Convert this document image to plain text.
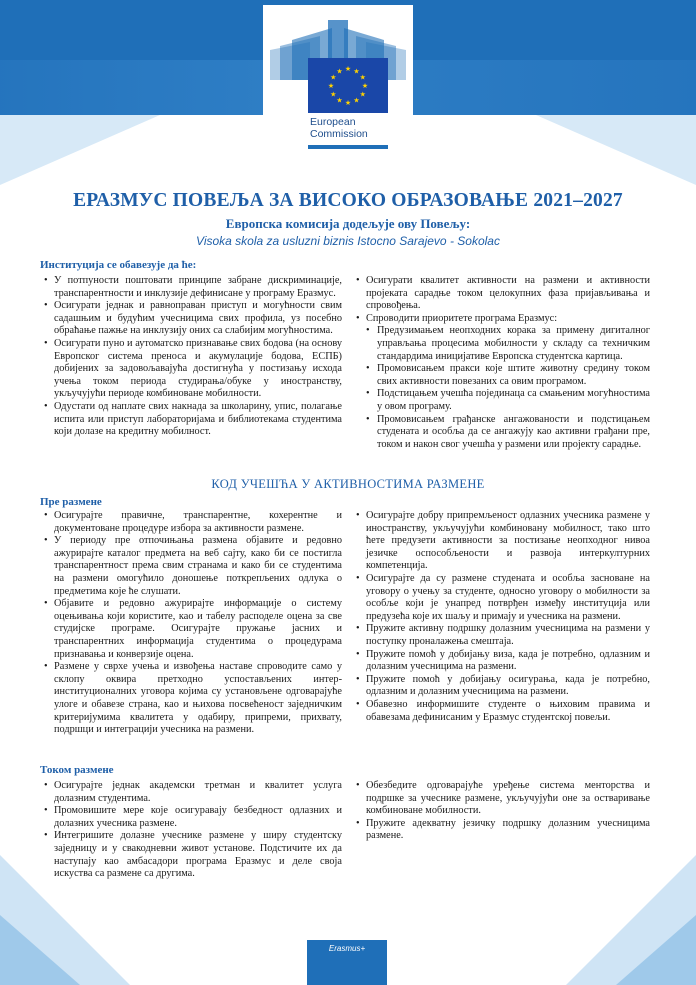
★ ★
★
★
★
★
★
★
★
★
★
★
European
Commission
ЕРАЗМУС ПОВЕЉА ЗА ВИСОКО ОБРАЗОВАЊЕ 2021–2027
Европска комисија додељује ову Повељу:
Visoka skola za usluzni biznis Istocno Sarajevo - Sokolac
Институција се обавезује да ће:
• У потпуности поштовати принципе забране дискриминације, транспарентности и инклузије дефинисане у програму Еразмус.
• Осигурати једнак и равноправан приступ и могућности свим садашњим и будућим учесницима свих профила, уз посебно обраћање пажње на инклузију оних са слабијим могућностима.
• Осигурати пуно и аутоматско признавање свих бодова (на основу Европског система преноса и акумулације бодова, ЕСПБ) добијених за задовољавајућа достигнућа у постизању исхода учења током периода студирања/обуке у иностранству, укључујући периоде комбиноване мобилности.
• Одустати од наплате свих накнада за школарину, упис, полагање испита или приступ лабораторијама и библиотекама студентима који долазе на кредитну мобилност.
• Осигурати квалитет активности на размени и активности пројеката сарадње током целокупних фаза пријављивања и спровођења.
• Спровoдити приоритете програма Еразмус:
• Предузимањем неопходних корака за примену дигиталног управљања процесима мобилности у складу са техничким стандардима иницијативе Европска студентска картица.
• Промовисањем пракси које штите животну средину током свих активности повезаних са овим програмом.
• Подстицањем учешћа појединаца са смањеним могућностима у овом програму.
• Промовисањем грађанске ангажованости и подстицањем студената и особља да се ангажују као активни грађани пре, током и након свог учешћа у размени или пројекту сарадње.
КОД УЧЕШЋА У АКТИВНОСТИМА РАЗМЕНЕ
Пре размене
• Осигурајте правичне, транспарентне, кохерентне и документоване процедуре избора за активности размене.
• У периоду пре отпочињања размена објавите и редовно ажурирајте каталог предмета на веб сајту, како би се постигла транспарентност према свим странама и како би се студентима на размени омогућило доношење поткрепљених одлука о предметима које ће слушати.
• Објавите и редовно ажурирајте информације о систему оцењивања који користите, као и табелу расподеле оцена за све студијске програме. Осигурајте пружање јасних и транспарентних информација студентима о процедурама признавања и конверзије оцена.
• Размене у сврхе учења и извођења наставе спроводите само у склопу оквира претходно успостављених интер-институционалних уговора којима су установљене одговарајуће улоге и обавезе страна, као и њихова посвећеност заједничким критеријумима квалитета у одабиру, припреми, прихвату, подршци и интеграцији учесника на размени.
• Осигурајте добру припремљеност одлазних учесника размене у иностранству, укључујући комбиновану мобилност, тако што ћете предузети активности за постизање неопходног нивоа језичке оспособљености и развоја интеркултурних компетенција.
• Осигурајте да су размене студената и особља засноване на уговору о учењу за студенте, односно уговору о мобилности за особље који је унапред потврђен између институција или предузећа које их шаљу и примају и учесника на размени.
• Пружите активну подршку долазним учесницима на размени у поступку проналажења смештаја.
• Пружите помоћ у добијању виза, када је потребно, одлазним и долазним учесницима на размени.
• Пружите помоћ у добијању осигурања, када је потребно, одлазним и долазним учесницима на размени.
• Обавезно информишите студенте о њиховим правима и обавезама дефинисаним у Еразмус студентској повељи.
Током размене
• Осигурајте једнак академски третман и квалитет услуга долазним студентима.
• Промовишите мере које осигуравају безбедност одлазних и долазних учесника размене.
• Интегришите долазне учеснике размене у ширу студентску заједницу и у свакодневни живот установе. Подстичите их да наступају као амбасадори програма Еразмус и деле своја искуства са размене са другима.
• Обезбедите одговарајуће уређење система менторства и подршке за учеснике размене, укључујући оне за остваривање комбиноване мобилности.
• Пружите адекватну језичку подршку долазним учесницима размене.
Erasmus+
